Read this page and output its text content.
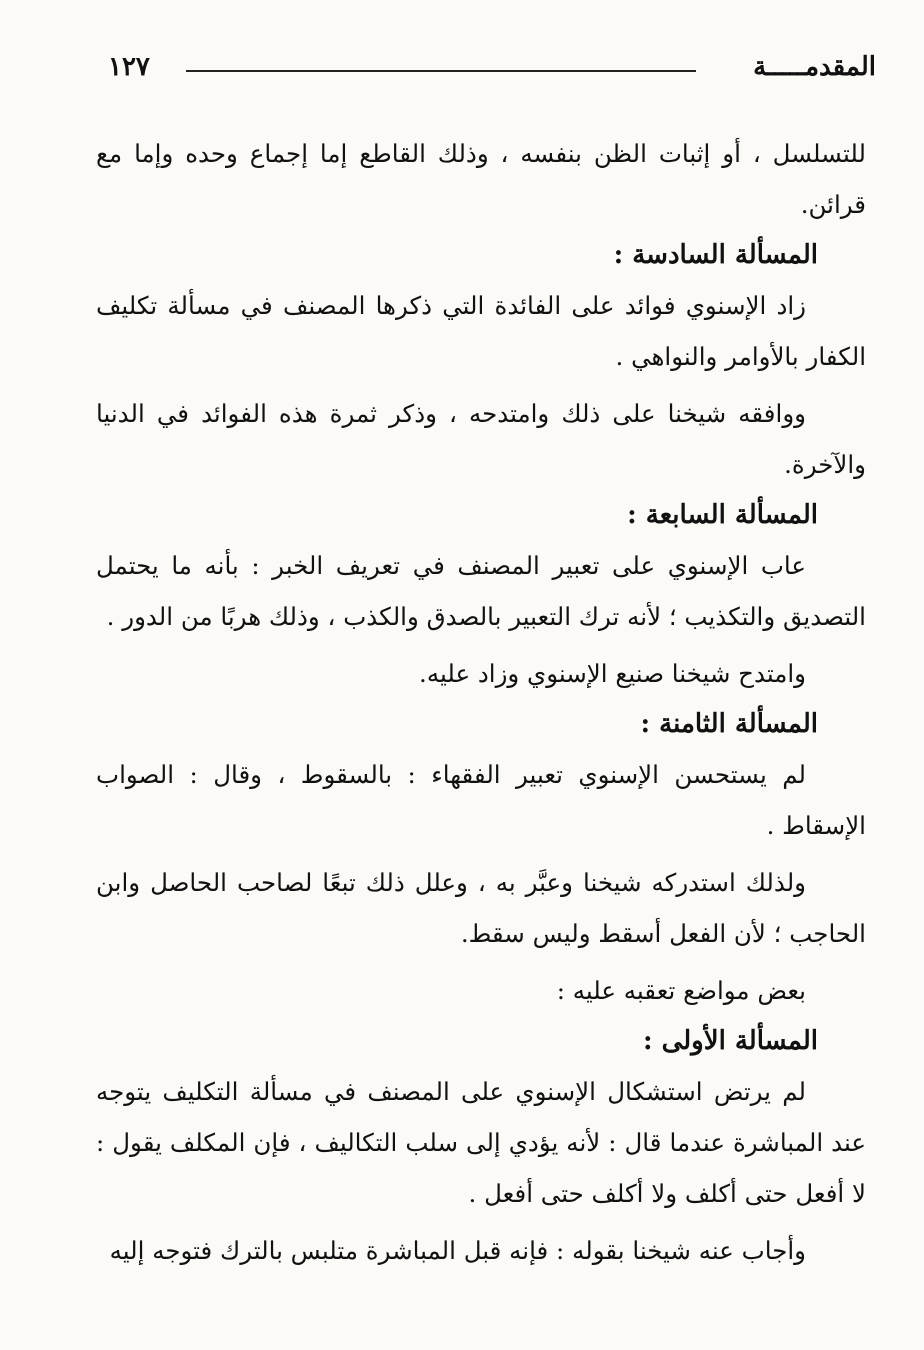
المقدمـــــة
١٢٧

للتسلسل ، أو إثبات الظن بنفسه ، وذلك القاطع إما إجماع وحده وإما مع قرائن.

المسألة السادسة :

زاد الإسنوي فوائد على الفائدة التي ذكرها المصنف في مسألة تكليف الكفار بالأوامر والنواهي .

ووافقه شيخنا على ذلك وامتدحه ، وذكر ثمرة هذه الفوائد في الدنيا والآخرة.

المسألة السابعة :

عاب الإسنوي على تعبير المصنف في تعريف الخبر : بأنه ما يحتمل التصديق والتكذيب ؛ لأنه ترك التعبير بالصدق والكذب ، وذلك هربًا من الدور .

وامتدح شيخنا صنيع الإسنوي وزاد عليه.

المسألة الثامنة :

لم يستحسن الإسنوي تعبير الفقهاء : بالسقوط ، وقال : الصواب الإسقاط .

ولذلك استدركه شيخنا وعبَّر به ، وعلل ذلك تبعًا لصاحب الحاصل وابن الحاجب ؛ لأن الفعل أسقط وليس سقط.

بعض مواضع تعقبه عليه :

المسألة الأولى :

لم يرتض استشكال الإسنوي على المصنف في مسألة التكليف يتوجه عند المباشرة عندما قال : لأنه يؤدي إلى سلب التكاليف ، فإن المكلف يقول : لا أفعل حتى أكلف ولا أكلف حتى أفعل .

وأجاب عنه شيخنا بقوله : فإنه قبل المباشرة متلبس بالترك فتوجه إليه
